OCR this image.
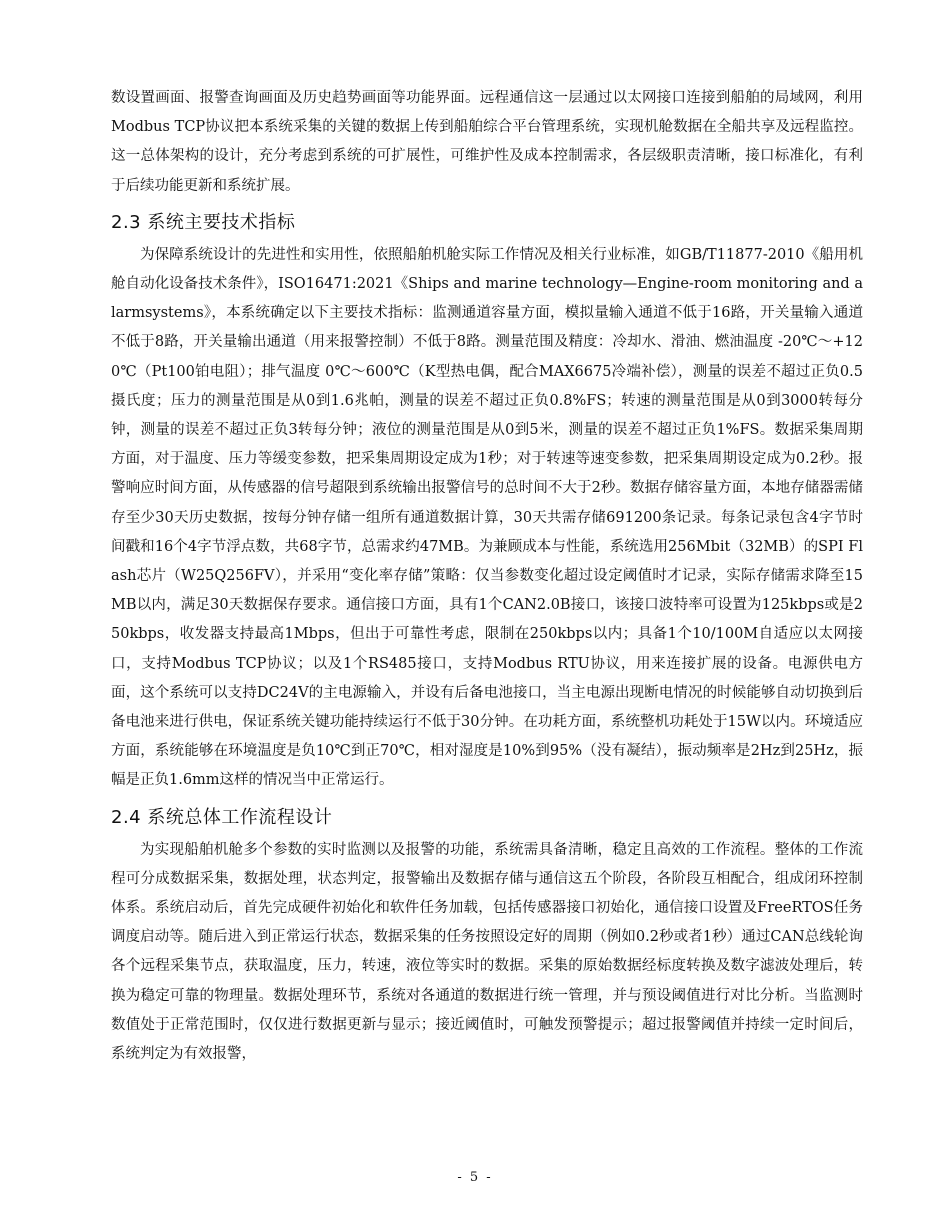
数设置画面、报警查询画面及历史趋势画面等功能界面。远程通信这一层通过以太网接口连接到船舶的局域网，利用Modbus TCP协议把本系统采集的关键的数据上传到船舶综合平台管理系统，实现机舱数据在全船共享及远程监控。这一总体架构的设计，充分考虑到系统的可扩展性，可维护性及成本控制需求，各层级职责清晰，接口标准化，有利于后续功能更新和系统扩展。

2.3 系统主要技术指标

为保障系统设计的先进性和实用性，依照船舶机舱实际工作情况及相关行业标准，如GB/T11877-2010《船用机舱自动化设备技术条件》，ISO16471:2021《Ships and marine technology—Engine-room monitoring and alarmsystems》，本系统确定以下主要技术指标：监测通道容量方面，模拟量输入通道不低于16路，开关量输入通道不低于8路，开关量输出通道（用来报警控制）不低于8路。测量范围及精度：冷却水、滑油、燃油温度 -20℃～+120℃（Pt100铂电阻）；排气温度 0℃～600℃（K型热电偶，配合MAX6675冷端补偿），测量的误差不超过正负0.5摄氏度；压力的测量范围是从0到1.6兆帕，测量的误差不超过正负0.8%FS；转速的测量范围是从0到3000转每分钟，测量的误差不超过正负3转每分钟；液位的测量范围是从0到5米，测量的误差不超过正负1%FS。数据采集周期方面，对于温度、压力等缓变参数，把采集周期设定成为1秒；对于转速等速变参数，把采集周期设定成为0.2秒。报警响应时间方面，从传感器的信号超限到系统输出报警信号的总时间不大于2秒。数据存储容量方面，本地存储器需储存至少30天历史数据，按每分钟存储一组所有通道数据计算，30天共需存储691200条记录。每条记录包含4字节时间戳和16个4字节浮点数，共68字节，总需求约47MB。为兼顾成本与性能，系统选用256Mbit（32MB）的SPI Flash芯片（W25Q256FV），并采用“变化率存储”策略：仅当参数变化超过设定阈值时才记录，实际存储需求降至15MB以内，满足30天数据保存要求。通信接口方面，具有1个CAN2.0B接口，该接口波特率可设置为125kbps或是250kbps，收发器支持最高1Mbps，但出于可靠性考虑，限制在250kbps以内；具备1个10/100M自适应以太网接口，支持Modbus TCP协议；以及1个RS485接口，支持Modbus RTU协议，用来连接扩展的设备。电源供电方面，这个系统可以支持DC24V的主电源输入，并设有后备电池接口，当主电源出现断电情况的时候能够自动切换到后备电池来进行供电，保证系统关键功能持续运行不低于30分钟。在功耗方面，系统整机功耗处于15W以内。环境适应方面，系统能够在环境温度是负10℃到正70℃，相对湿度是10%到95%（没有凝结），振动频率是2Hz到25Hz，振幅是正负1.6mm这样的情况当中正常运行。

2.4 系统总体工作流程设计

为实现船舶机舱多个参数的实时监测以及报警的功能，系统需具备清晰，稳定且高效的工作流程。整体的工作流程可分成数据采集，数据处理，状态判定，报警输出及数据存储与通信这五个阶段，各阶段互相配合，组成闭环控制体系。系统启动后，首先完成硬件初始化和软件任务加载，包括传感器接口初始化，通信接口设置及FreeRTOS任务调度启动等。随后进入到正常运行状态，数据采集的任务按照设定好的周期（例如0.2秒或者1秒）通过CAN总线轮询各个远程采集节点，获取温度，压力，转速，液位等实时的数据。采集的原始数据经标度转换及数字滤波处理后，转换为稳定可靠的物理量。数据处理环节，系统对各通道的数据进行统一管理，并与预设阈值进行对比分析。当监测时数值处于正常范围时，仅仅进行数据更新与显示；接近阈值时，可触发预警提示；超过报警阈值并持续一定时间后，系统判定为有效报警，

- 5 -
